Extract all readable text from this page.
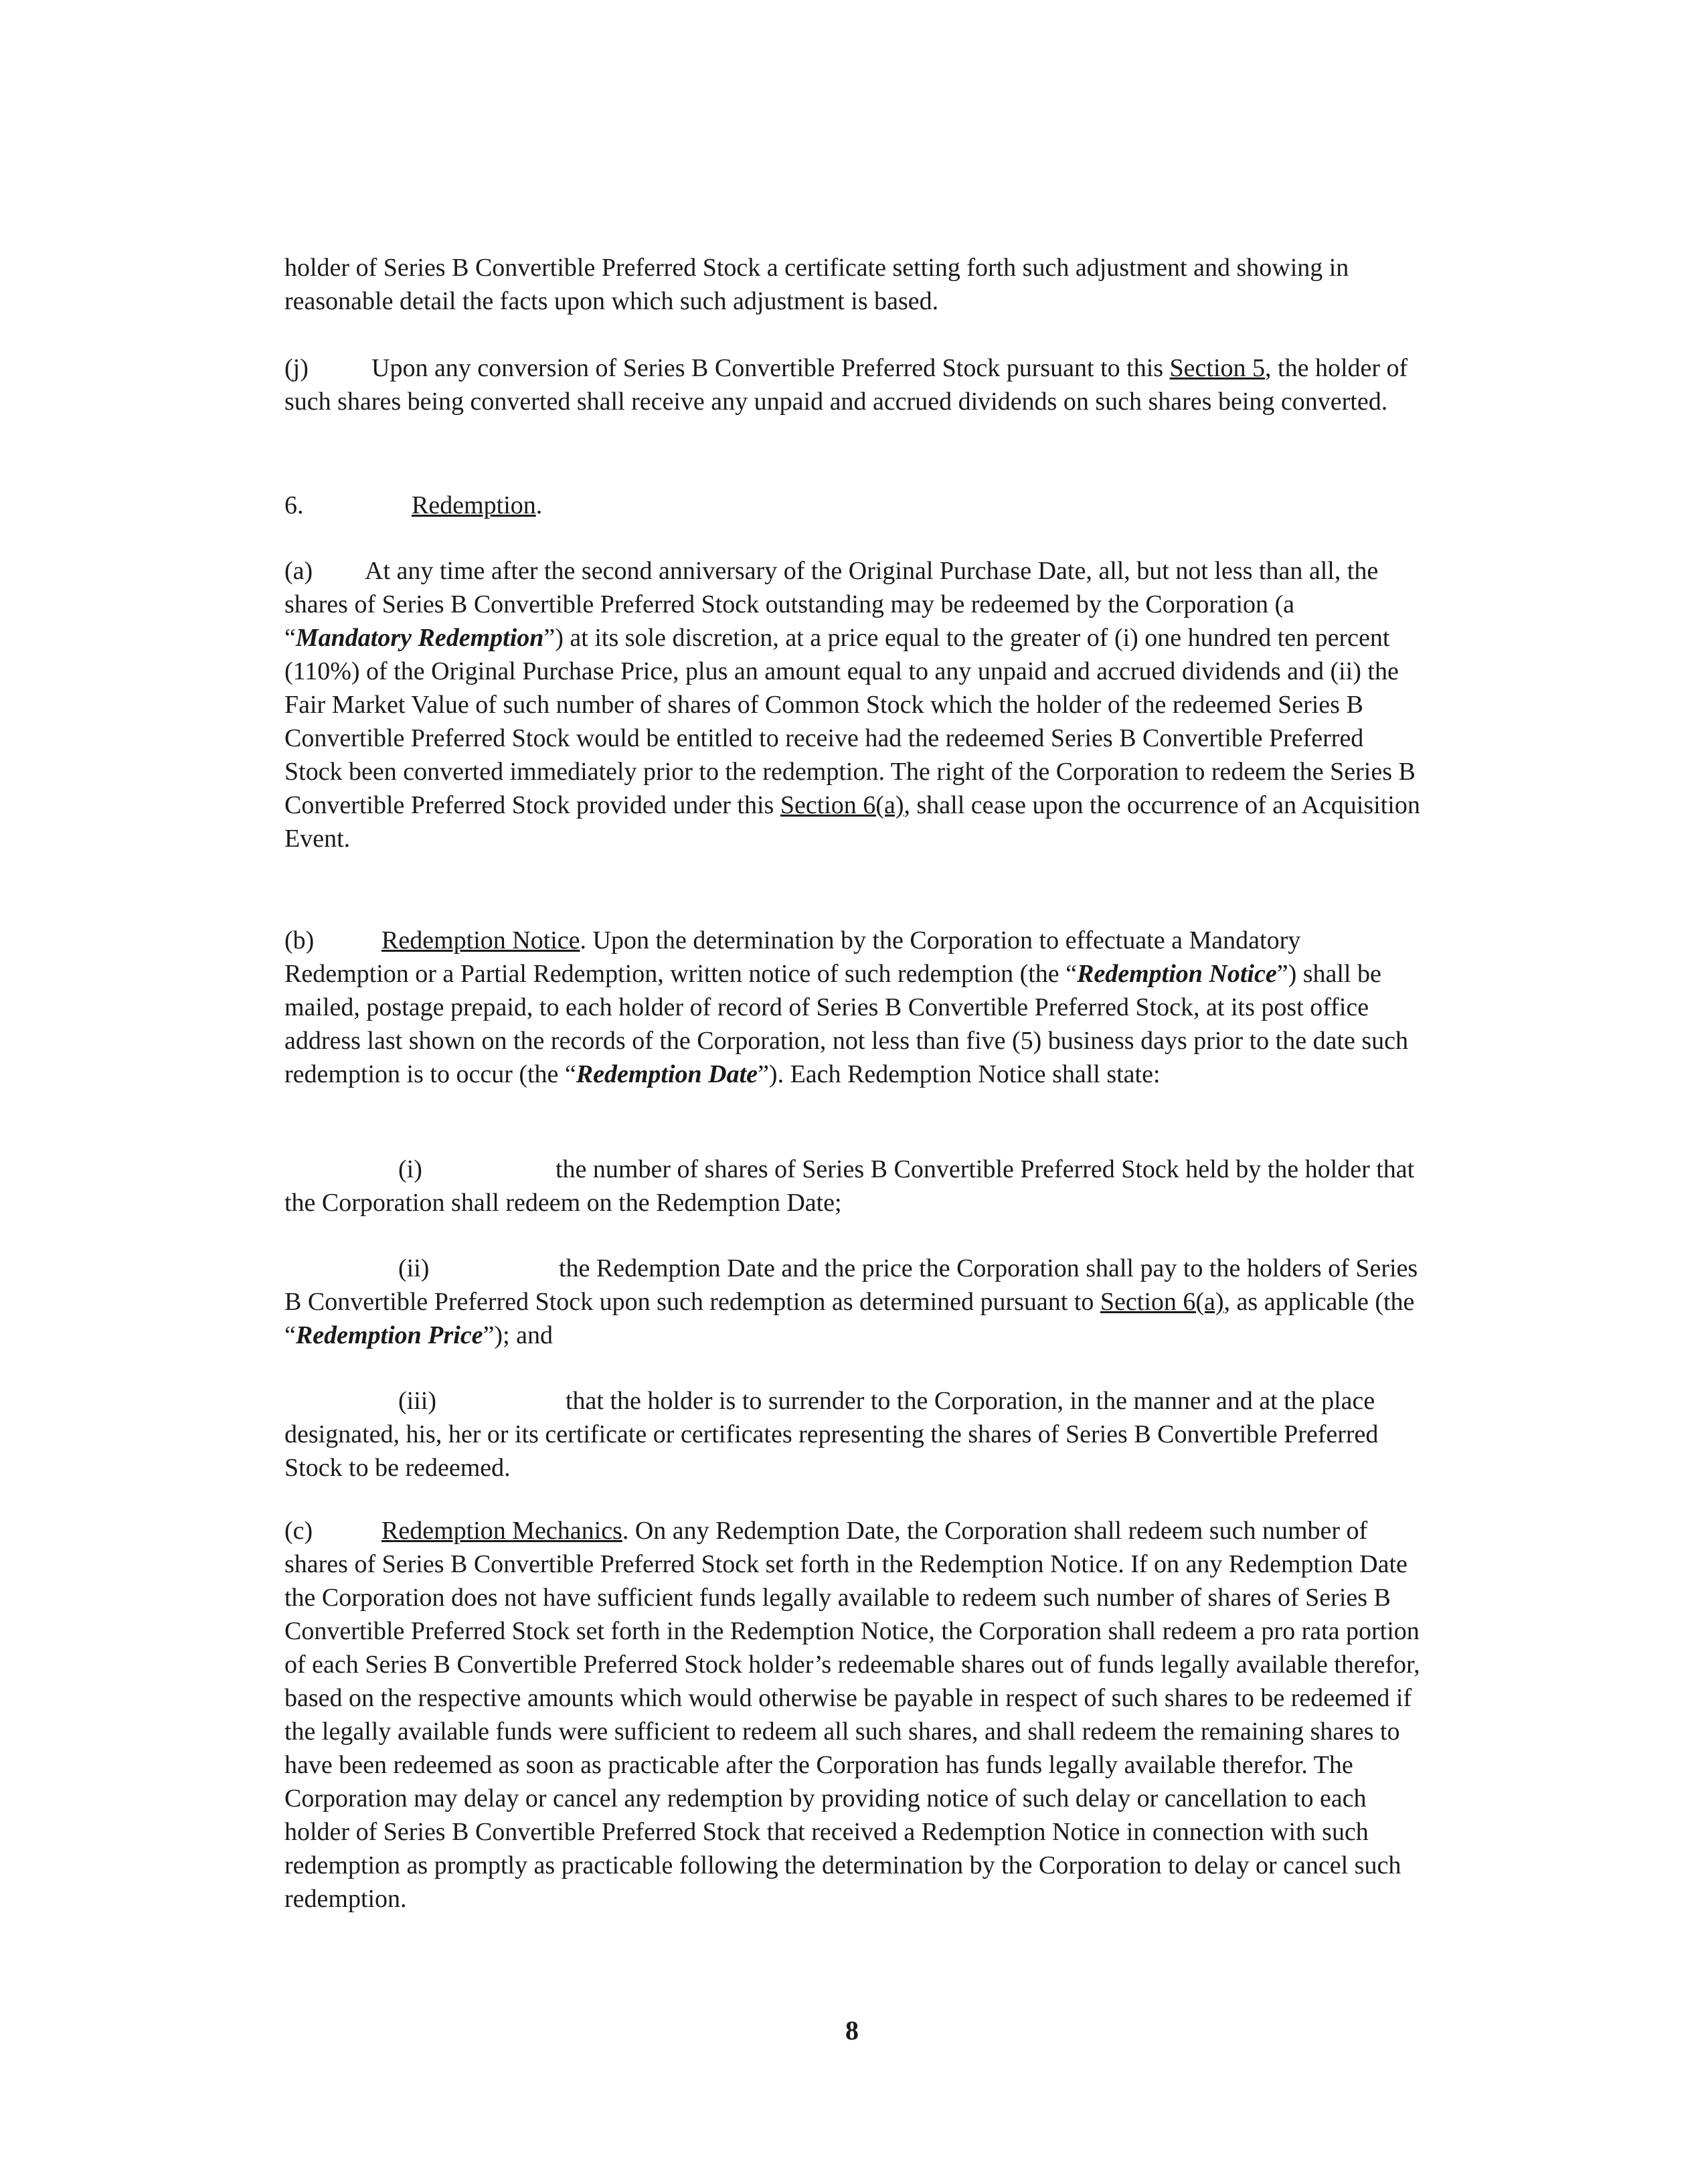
holder of Series B Convertible Preferred Stock a certificate setting forth such adjustment and showing in reasonable detail the facts upon which such adjustment is based.

(j) Upon any conversion of Series B Convertible Preferred Stock pursuant to this Section 5, the holder of such shares being converted shall receive any unpaid and accrued dividends on such shares being converted.

6.	Redemption.

(a) At any time after the second anniversary of the Original Purchase Date, all, but not less than all, the shares of Series B Convertible Preferred Stock outstanding may be redeemed by the Corporation (a “Mandatory Redemption”) at its sole discretion, at a price equal to the greater of (i) one hundred ten percent (110%) of the Original Purchase Price, plus an amount equal to any unpaid and accrued dividends and (ii) the Fair Market Value of such number of shares of Common Stock which the holder of the redeemed Series B Convertible Preferred Stock would be entitled to receive had the redeemed Series B Convertible Preferred Stock been converted immediately prior to the redemption. The right of the Corporation to redeem the Series B Convertible Preferred Stock provided under this Section 6(a), shall cease upon the occurrence of an Acquisition Event.

(b)	Redemption Notice. Upon the determination by the Corporation to effectuate a Mandatory Redemption or a Partial Redemption, written notice of such redemption (the “Redemption Notice”) shall be mailed, postage prepaid, to each holder of record of Series B Convertible Preferred Stock, at its post office address last shown on the records of the Corporation, not less than five (5) business days prior to the date such redemption is to occur (the “Redemption Date”). Each Redemption Notice shall state:

(i)	the number of shares of Series B Convertible Preferred Stock held by the holder that the Corporation shall redeem on the Redemption Date;

(ii)	the Redemption Date and the price the Corporation shall pay to the holders of Series B Convertible Preferred Stock upon such redemption as determined pursuant to Section 6(a), as applicable (the “Redemption Price”); and

(iii)	that the holder is to surrender to the Corporation, in the manner and at the place designated, his, her or its certificate or certificates representing the shares of Series B Convertible Preferred Stock to be redeemed.

(c)	Redemption Mechanics. On any Redemption Date, the Corporation shall redeem such number of shares of Series B Convertible Preferred Stock set forth in the Redemption Notice. If on any Redemption Date the Corporation does not have sufficient funds legally available to redeem such number of shares of Series B Convertible Preferred Stock set forth in the Redemption Notice, the Corporation shall redeem a pro rata portion of each Series B Convertible Preferred Stock holder’s redeemable shares out of funds legally available therefor, based on the respective amounts which would otherwise be payable in respect of such shares to be redeemed if the legally available funds were sufficient to redeem all such shares, and shall redeem the remaining shares to have been redeemed as soon as practicable after the Corporation has funds legally available therefor. The Corporation may delay or cancel any redemption by providing notice of such delay or cancellation to each holder of Series B Convertible Preferred Stock that received a Redemption Notice in connection with such redemption as promptly as practicable following the determination by the Corporation to delay or cancel such redemption.

8
